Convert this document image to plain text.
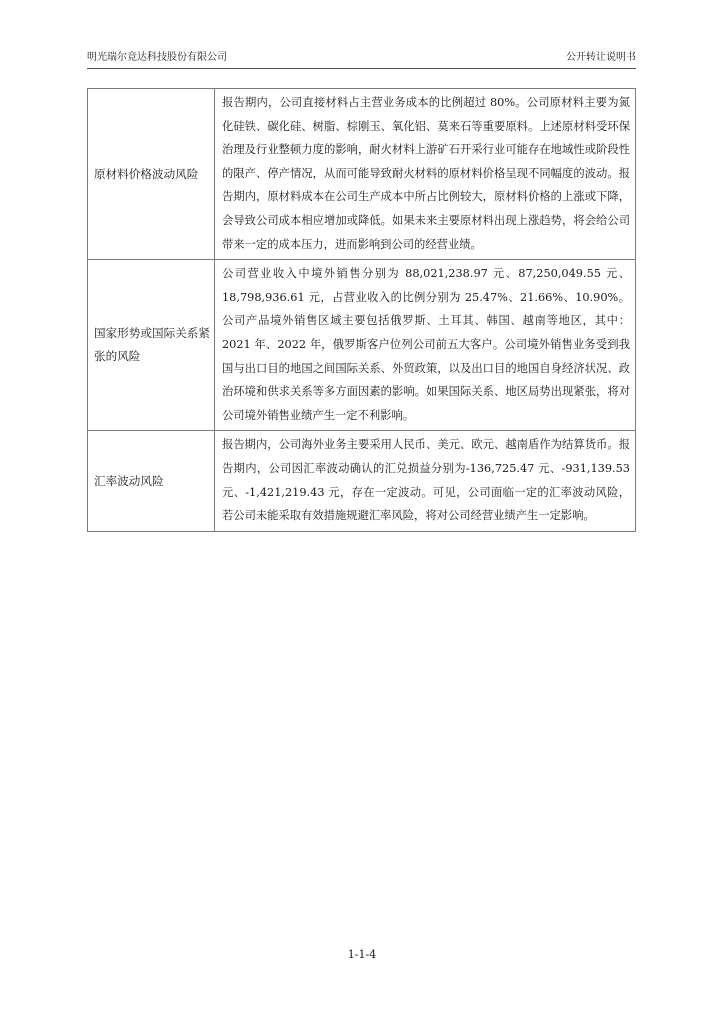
明光瑞尔竞达科技股份有限公司	公开转让说明书
原材料价格波动风险	报告期内，公司直接材料占主营业务成本的比例超过 80%。公司原材料主要为氮化硅铁、碳化硅、树脂、棕刚玉、氧化铝、莫来石等重要原料。上述原材料受环保治理及行业整顿力度的影响，耐火材料上游矿石开采行业可能存在地域性或阶段性的限产、停产情况，从而可能导致耐火材料的原材料价格呈现不同幅度的波动。报告期内，原材料成本在公司生产成本中所占比例较大，原材料价格的上涨或下降，会导致公司成本相应增加或降低。如果未来主要原材料出现上涨趋势，将会给公司带来一定的成本压力，进而影响到公司的经营业绩。
国家形势或国际关系紧张的风险	公司营业收入中境外销售分别为 88,021,238.97 元、87,250,049.55 元、18,798,936.61 元，占营业收入的比例分别为 25.47%、21.66%、10.90%。公司产品境外销售区域主要包括俄罗斯、土耳其、韩国、越南等地区，其中：2021 年、2022 年，俄罗斯客户位列公司前五大客户。公司境外销售业务受到我国与出口目的地国之间国际关系、外贸政策，以及出口目的地国自身经济状况、政治环境和供求关系等多方面因素的影响。如果国际关系、地区局势出现紧张，将对公司境外销售业绩产生一定不利影响。
汇率波动风险	报告期内，公司海外业务主要采用人民币、美元、欧元、越南盾作为结算货币。报告期内，公司因汇率波动确认的汇兑损益分别为-136,725.47 元、-931,139.53 元、-1,421,219.43 元，存在一定波动。可见，公司面临一定的汇率波动风险，若公司未能采取有效措施规避汇率风险，将对公司经营业绩产生一定影响。
1-1-4
